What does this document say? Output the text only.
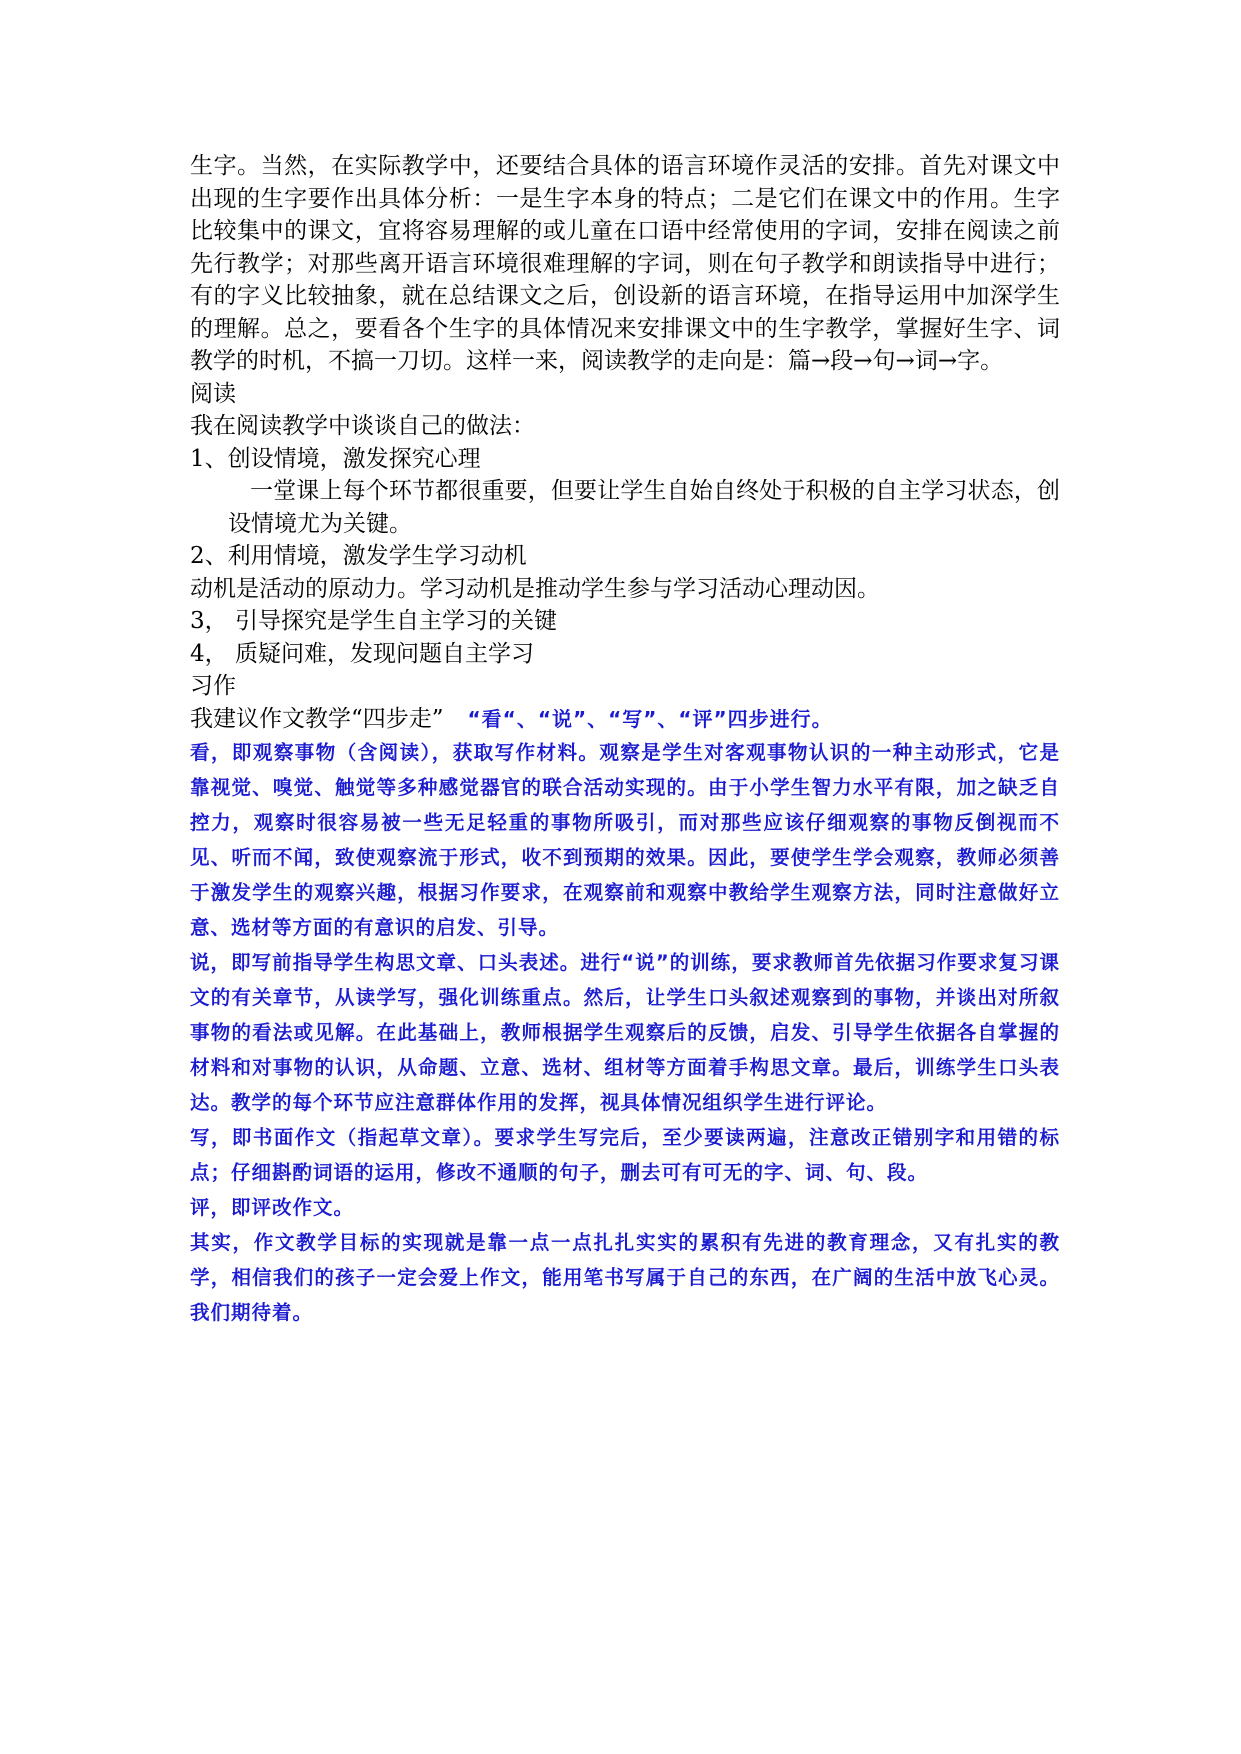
生字。当然，在实际教学中，还要结合具体的语言环境作灵活的安排。首先对课文中出现的生字要作出具体分析：一是生字本身的特点；二是它们在课文中的作用。生字比较集中的课文，宜将容易理解的或儿童在口语中经常使用的字词，安排在阅读之前先行教学；对那些离开语言环境很难理解的字词，则在句子教学和朗读指导中进行；有的字义比较抽象，就在总结课文之后，创设新的语言环境，在指导运用中加深学生的理解。总之，要看各个生字的具体情况来安排课文中的生字教学，掌握好生字、词教学的时机，不搞一刀切。这样一来，阅读教学的走向是：篇→段→句→词→字。

阅读

我在阅读教学中谈谈自己的做法：

1、创设情境，激发探究心理

一堂课上每个环节都很重要，但要让学生自始自终处于积极的自主学习状态，创设情境尤为关键。

2、利用情境，激发学生学习动机

动机是活动的原动力。学习动机是推动学生参与学习活动心理动因。

3， 引导探究是学生自主学习的关键

4， 质疑问难，发现问题自主学习

习作

我建议作文教学“四步走” “看“、“说”、“写”、“评”四步进行。

看，即观察事物（含阅读），获取写作材料。观察是学生对客观事物认识的一种主动形式，它是靠视觉、嗅觉、触觉等多种感觉器官的联合活动实现的。由于小学生智力水平有限，加之缺乏自控力，观察时很容易被一些无足轻重的事物所吸引，而对那些应该仔细观察的事物反倒视而不见、听而不闻，致使观察流于形式，收不到预期的效果。因此，要使学生学会观察，教师必须善于激发学生的观察兴趣，根据习作要求，在观察前和观察中教给学生观察方法，同时注意做好立意、选材等方面的有意识的启发、引导。

说，即写前指导学生构思文章、口头表述。进行“说”的训练，要求教师首先依据习作要求复习课文的有关章节，从读学写，强化训练重点。然后，让学生口头叙述观察到的事物，并谈出对所叙事物的看法或见解。在此基础上，教师根据学生观察后的反馈，启发、引导学生依据各自掌握的材料和对事物的认识，从命题、立意、选材、组材等方面着手构思文章。最后，训练学生口头表达。教学的每个环节应注意群体作用的发挥，视具体情况组织学生进行评论。

写，即书面作文（指起草文章）。要求学生写完后，至少要读两遍，注意改正错别字和用错的标点；仔细斟酌词语的运用，修改不通顺的句子，删去可有可无的字、词、句、段。

评，即评改作文。

其实，作文教学目标的实现就是靠一点一点扎扎实实的累积有先进的教育理念，又有扎实的教学，相信我们的孩子一定会爱上作文，能用笔书写属于自己的东西，在广阔的生活中放飞心灵。我们期待着。
